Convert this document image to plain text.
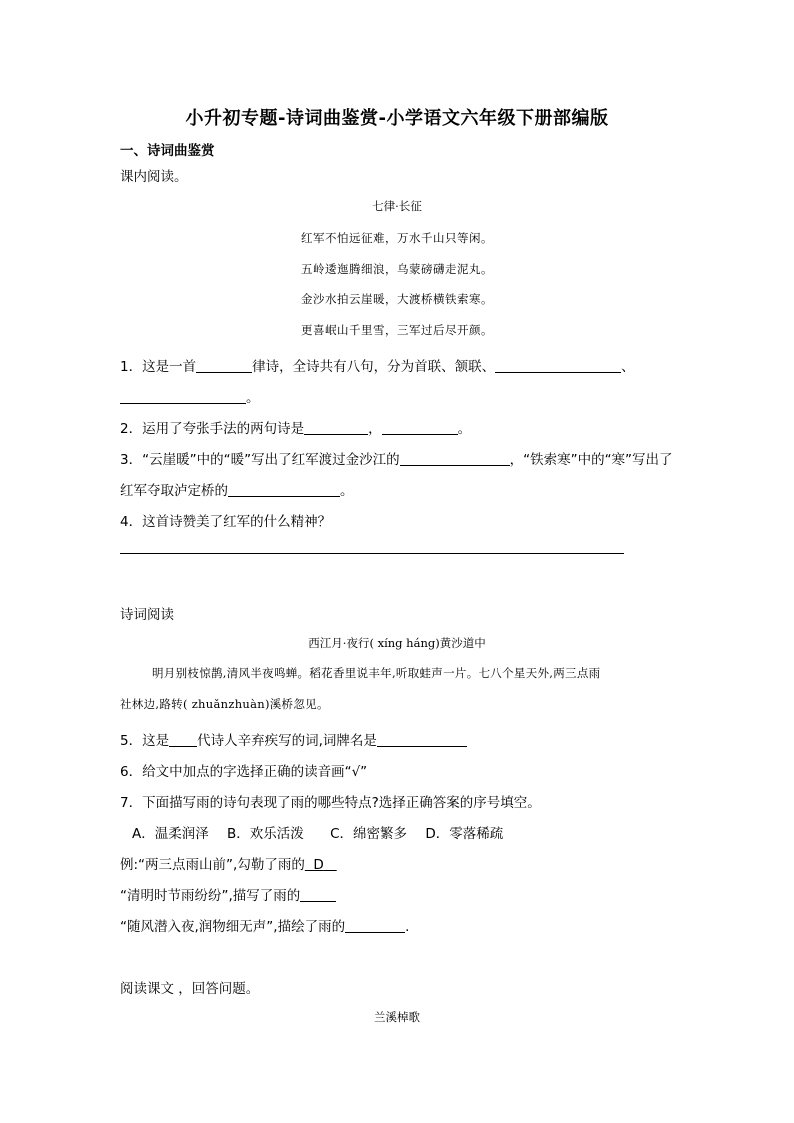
小升初专题-诗词曲鉴赏-小学语文六年级下册部编版
一、诗词曲鉴赏
课内阅读。
七律·长征
红军不怕远征难，万水千山只等闲。
五岭逶迤腾细浪，乌蒙磅礴走泥丸。
金沙水拍云崖暖，大渡桥横铁索寒。
更喜岷山千里雪，三军过后尽开颜。
1．这是一首	律诗，全诗共有八句，分为首联、颔联、	、
。
2．运用了夸张手法的两句诗是	，	。
3．“云崖暖”中的“暖”写出了红军渡过金沙江的	，“铁索寒”中的“寒”写出了
红军夺取泸定桥的	。
4．这首诗赞美了红军的什么精神？
诗词阅读
西江月·夜行( xíng háng)黄沙道中
明月别枝惊鹊,清风半夜鸣蝉。稻花香里说丰年,听取蛙声一片。七八个星天外,两三点雨
社林边,路转( zhuǎnzhuàn)溪桥忽见。
5．这是 代诗人辛弃疾写的词,词牌名是
6．给文中加点的字选择正确的读音画“√”
7．下面描写雨的诗句表现了雨的哪些特点?选择正确答案的序号填空。
A．温柔润泽 B．欢乐活泼 C．绵密繁多 D．零落稀疏
例:“两三点雨山前”,勾勒了雨的 D
“清明时节雨纷纷”,描写了雨的
“随风潜入夜,润物细无声”,描绘了雨的	.
阅读课文 ，回答问题。
兰溪棹歌
